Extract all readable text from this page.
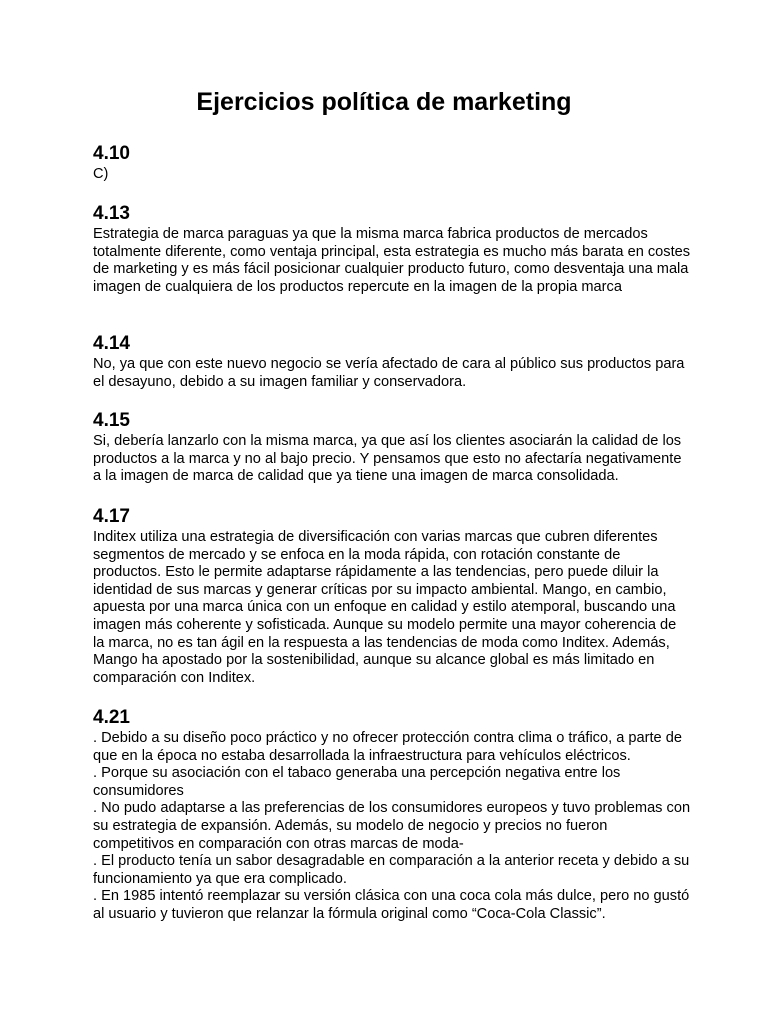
Ejercicios política de marketing
4.10

C)

4.13

Estrategia de marca paraguas ya que la misma marca fabrica productos de mercados
totalmente diferente, como ventaja principal, esta estrategia es mucho más barata en costes
de marketing y es más fácil posicionar cualquier producto futuro, como desventaja una mala
imagen de cualquiera de los productos repercute en la imagen de la propia marca

4.14

No, ya que con este nuevo negocio se vería afectado de cara al público sus productos para
el desayuno, debido a su imagen familiar y conservadora.

4.15

Si, debería lanzarlo con la misma marca, ya que así los clientes asociarán la calidad de los
productos a la marca y no al bajo precio. Y pensamos que esto no afectaría negativamente
a la imagen de marca de calidad que ya tiene una imagen de marca consolidada.

4.17

Inditex utiliza una estrategia de diversificación con varias marcas que cubren diferentes
segmentos de mercado y se enfoca en la moda rápida, con rotación constante de
productos. Esto le permite adaptarse rápidamente a las tendencias, pero puede diluir la
identidad de sus marcas y generar críticas por su impacto ambiental. Mango, en cambio,
apuesta por una marca única con un enfoque en calidad y estilo atemporal, buscando una
imagen más coherente y sofisticada. Aunque su modelo permite una mayor coherencia de
la marca, no es tan ágil en la respuesta a las tendencias de moda como Inditex. Además,
Mango ha apostado por la sostenibilidad, aunque su alcance global es más limitado en
comparación con Inditex.

4.21

. Debido a su diseño poco práctico y no ofrecer protección contra clima o tráfico, a parte de
que en la época no estaba desarrollada la infraestructura para vehículos eléctricos.
. Porque su asociación con el tabaco generaba una percepción negativa entre los
consumidores
. No pudo adaptarse a las preferencias de los consumidores europeos y tuvo problemas con
su estrategia de expansión. Además, su modelo de negocio y precios no fueron
competitivos en comparación con otras marcas de moda-
. El producto tenía un sabor desagradable en comparación a la anterior receta y debido a su
funcionamiento ya que era complicado.
. En 1985 intentó reemplazar su versión clásica con una coca cola más dulce, pero no gustó
al usuario y tuvieron que relanzar la fórmula original como “Coca-Cola Classic”.
